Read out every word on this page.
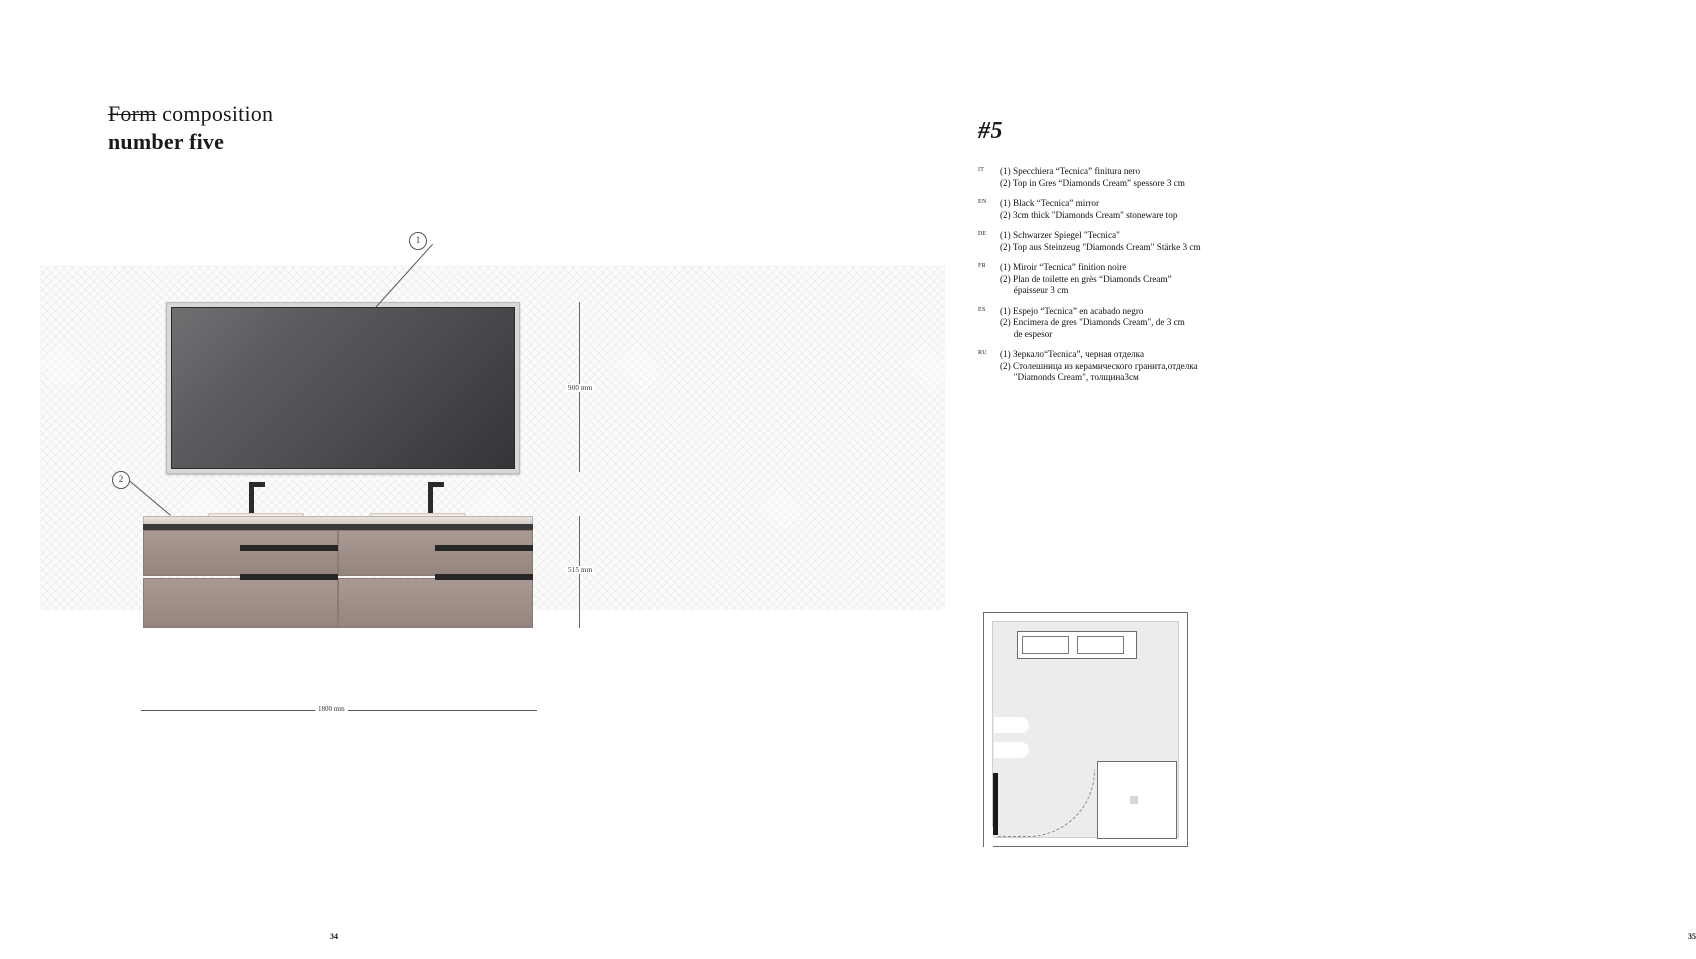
Form composition
number five
1
2
900 mm
515 mm
1800 mm
34
#5
IT (1) Specchiera “Tecnica” finitura nero
(2) Top in Gres “Diamonds Cream” spessore 3 cm
EN (1) Black “Tecnica” mirror
(2) 3cm thick "Diamonds Cream" stoneware top
DE (1) Schwarzer Spiegel "Tecnica"
(2) Top aus Steinzeug "Diamonds Cream" Stärke 3 cm
FR (1) Miroir “Tecnica” finition noire
(2) Plan de toilette en grès “Diamonds Cream”
épaisseur 3 cm
ES (1) Espejo “Tecnica” en acabado negro
(2) Encimera de gres "Diamonds Cream", de 3 cm
de espesor
RU (1) Зеркало“Tecnica”, черная отделка
(2) Столешница из керамического гранита,отделка
"Diamonds Cream", толщина3см
35
